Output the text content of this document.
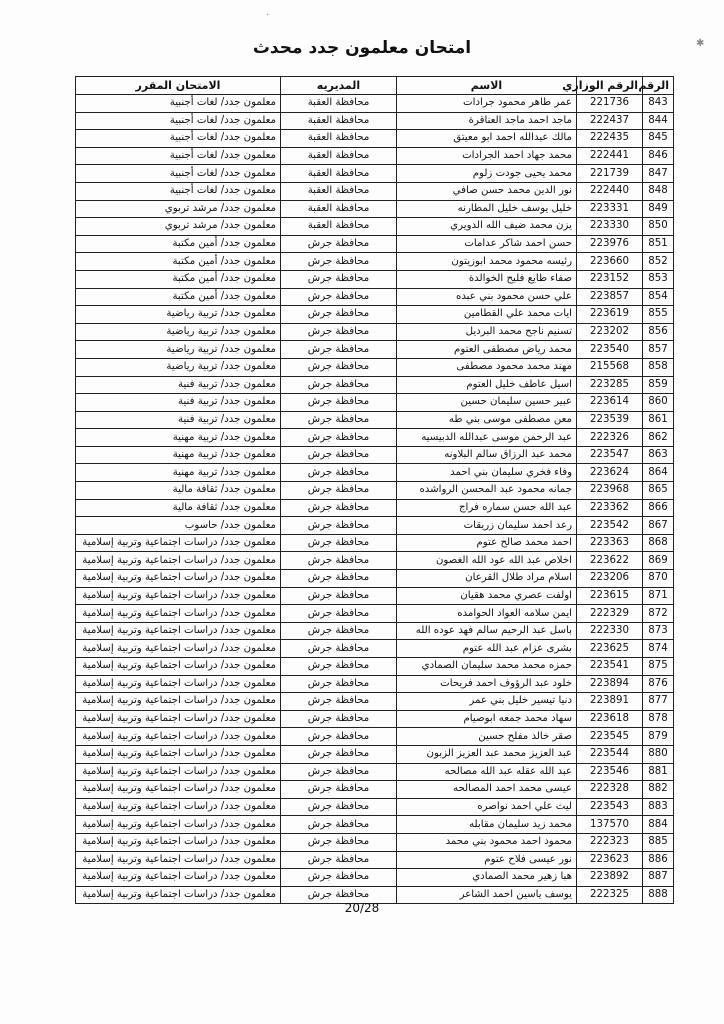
·
✱
امتحان معلمون جدد محدث
الرقم	الرقم الوزاري	الاسم	المديريه	الامتحان المقرر
843	221736	عمر طاهر محمود جرادات	محافظة العقبة	معلمون جدد/ لغات أجنبية
844	222437	ماجد احمد ماجد العناقرة	محافظة العقبة	معلمون جدد/ لغات أجنبية
845	222435	مالك عبدالله احمد ابو معيتق	محافظة العقبة	معلمون جدد/ لغات أجنبية
846	222441	محمد جهاد احمد الجرادات	محافظة العقبة	معلمون جدد/ لغات أجنبية
847	221739	محمد يحيى جودت زلوم	محافظة العقبة	معلمون جدد/ لغات أجنبية
848	222440	نور الدين محمد حسن صافي	محافظة العقبة	معلمون جدد/ لغات أجنبية
849	223331	خليل يوسف خليل المطارنه	محافظة العقبة	معلمون جدد/ مرشد تربوي
850	223330	يزن محمد ضيف الله الدويري	محافظة العقبة	معلمون جدد/ مرشد تربوي
851	223976	حسن احمد شاكر عدامات	محافظة جرش	معلمون جدد/ أمين مكتبة
852	223660	رئيسه محمود محمد ابوزيتون	محافظة جرش	معلمون جدد/ أمين مكتبة
853	223152	صفاء طايع فليح الخوالدة	محافظة جرش	معلمون جدد/ أمين مكتبة
854	223857	علي حسن محمود بني عبده	محافظة جرش	معلمون جدد/ أمين مكتبة
855	223619	ايات محمد علي القطامين	محافظة جرش	معلمون جدد/ تربية رياضية
856	223202	تسنيم ناجح محمد البرديل	محافظة جرش	معلمون جدد/ تربية رياضية
857	223540	محمد رياض مصطفى العتوم	محافظة جرش	معلمون جدد/ تربية رياضية
858	215568	مهند محمد محمود مصطفى	محافظة جرش	معلمون جدد/ تربية رياضية
859	223285	اسيل عاطف خليل العتوم	محافظة جرش	معلمون جدد/ تربية فنية
860	223614	عبير حسين سليمان حسين	محافظة جرش	معلمون جدد/ تربية فنية
861	223539	معن مصطفى موسى بني طه	محافظة جرش	معلمون جدد/ تربية فنية
862	222326	عبد الرحمن موسى عبدالله الدبيسيه	محافظة جرش	معلمون جدد/ تربية مهنية
863	223547	محمد عبد الرزاق سالم البلاونه	محافظة جرش	معلمون جدد/ تربية مهنية
864	223624	وفاء فخري سليمان بني احمد	محافظة جرش	معلمون جدد/ تربية مهنية
865	223968	جمانه محمود عبد المحسن الرواشده	محافظة جرش	معلمون جدد/ ثقافة مالية
866	223362	عبد الله حسن سماره فراج	محافظة جرش	معلمون جدد/ ثقافة مالية
867	223542	رعد احمد سليمان زريقات	محافظة جرش	معلمون جدد/ حاسوب
868	223363	احمد محمد صالح عتوم	محافظة جرش	معلمون جدد/ دراسات اجتماعية وتربية إسلامية
869	223622	اخلاص عبد الله عود الله الغصون	محافظة جرش	معلمون جدد/ دراسات اجتماعية وتربية إسلامية
870	223206	اسلام مراد طلال القرعان	محافظة جرش	معلمون جدد/ دراسات اجتماعية وتربية إسلامية
871	223615	اولفت عصري محمد هقيان	محافظة جرش	معلمون جدد/ دراسات اجتماعية وتربية إسلامية
872	222329	ايمن سلامه العواد الحوامده	محافظة جرش	معلمون جدد/ دراسات اجتماعية وتربية إسلامية
873	222330	باسل عبد الرحيم سالم فهد عوده الله	محافظة جرش	معلمون جدد/ دراسات اجتماعية وتربية إسلامية
874	223625	بشرى عزام عبد الله عتوم	محافظة جرش	معلمون جدد/ دراسات اجتماعية وتربية إسلامية
875	223541	حمزه محمد محمد سليمان الصمادي	محافظة جرش	معلمون جدد/ دراسات اجتماعية وتربية إسلامية
876	223894	خلود عبد الرؤوف احمد فريحات	محافظة جرش	معلمون جدد/ دراسات اجتماعية وتربية إسلامية
877	223891	دنيا تيسير خليل بني عمر	محافظة جرش	معلمون جدد/ دراسات اجتماعية وتربية إسلامية
878	223618	سهاد محمد جمعه ابوصيام	محافظة جرش	معلمون جدد/ دراسات اجتماعية وتربية إسلامية
879	223545	صقر خالد مفلح حسين	محافظة جرش	معلمون جدد/ دراسات اجتماعية وتربية إسلامية
880	223544	عبد العزيز محمد عبد العزيز الزبون	محافظة جرش	معلمون جدد/ دراسات اجتماعية وتربية إسلامية
881	223546	عبد الله عقله عبد الله مصالحه	محافظة جرش	معلمون جدد/ دراسات اجتماعية وتربية إسلامية
882	222328	عيسى محمد احمد المصالحه	محافظة جرش	معلمون جدد/ دراسات اجتماعية وتربية إسلامية
883	223543	ليث علي احمد نواصره	محافظة جرش	معلمون جدد/ دراسات اجتماعية وتربية إسلامية
884	137570	محمد زيد سليمان مقابله	محافظة جرش	معلمون جدد/ دراسات اجتماعية وتربية إسلامية
885	222323	محمود احمد محمود بني محمد	محافظة جرش	معلمون جدد/ دراسات اجتماعية وتربية إسلامية
886	223623	نور عيسى فلاح عتوم	محافظة جرش	معلمون جدد/ دراسات اجتماعية وتربية إسلامية
887	223892	هبا زهير محمد الصمادي	محافظة جرش	معلمون جدد/ دراسات اجتماعية وتربية إسلامية
888	222325	يوسف ياسين احمد الشاعر	محافظة جرش	معلمون جدد/ دراسات اجتماعية وتربية إسلامية
20/28
